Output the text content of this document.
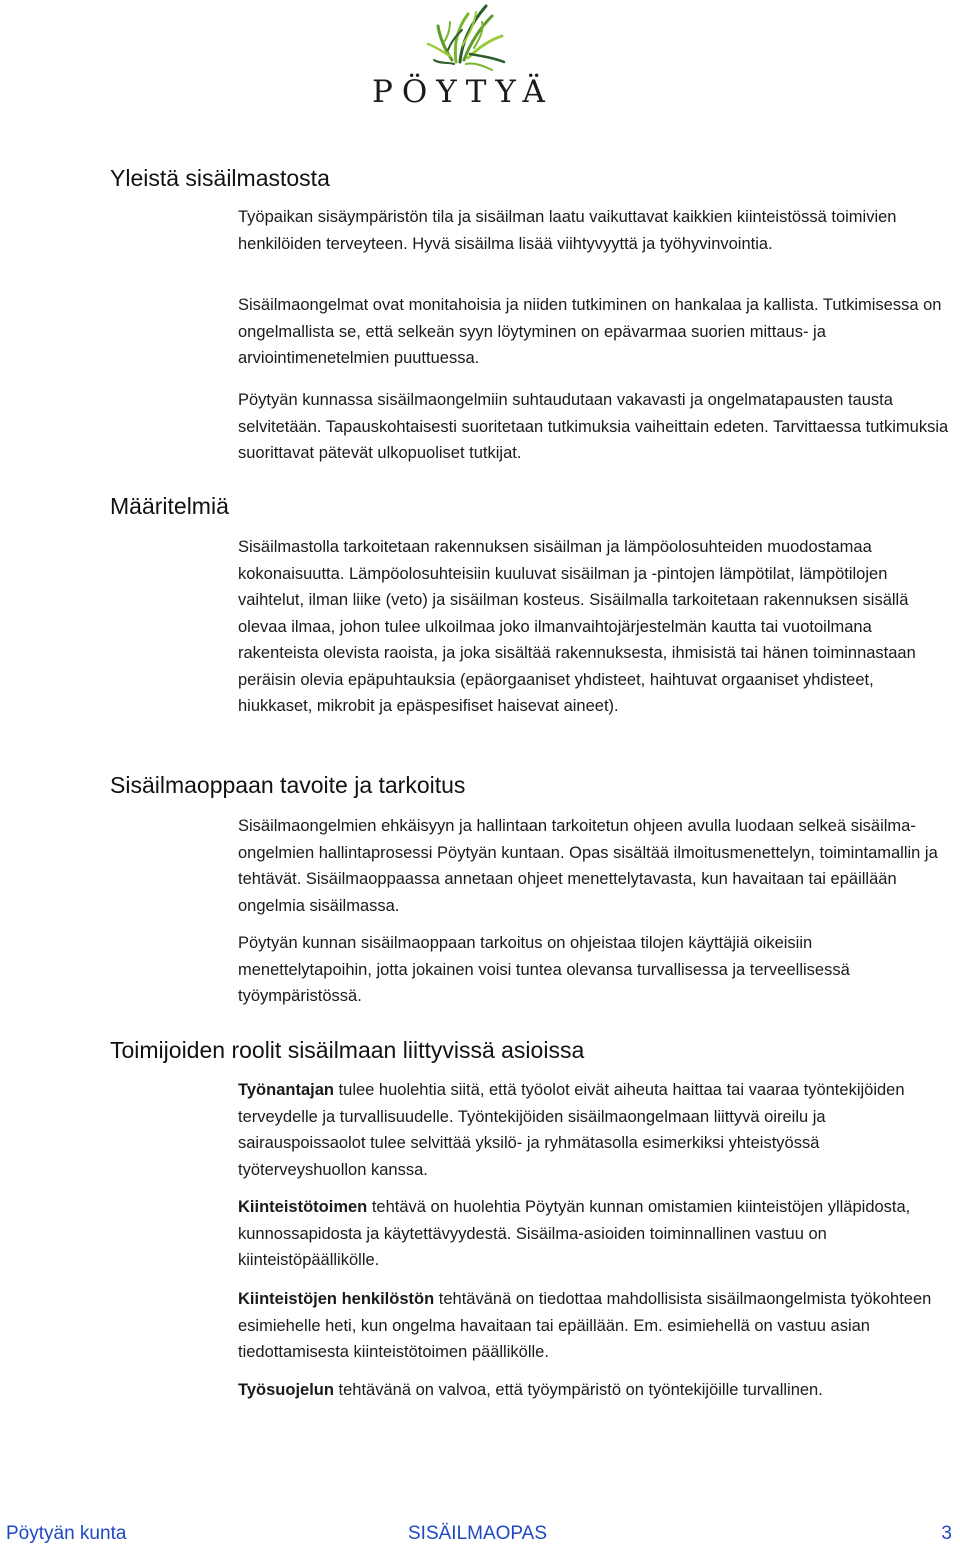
PÖYTYÄ
Yleistä sisäilmastosta

Työpaikan sisäympäristön tila ja sisäilman laatu vaikuttavat kaikkien kiinteistössä toimivien henkilöiden terveyteen. Hyvä sisäilma lisää viihtyvyyttä ja työhyvinvointia.

Sisäilmaongelmat ovat monitahoisia ja niiden tutkiminen on hankalaa ja kallista. Tutkimisessa on ongelmallista se, että selkeän syyn löytyminen on epävarmaa suorien mittaus- ja arviointimenetelmien puuttuessa.

Pöytyän kunnassa sisäilmaongelmiin suhtaudutaan vakavasti ja ongelmatapausten tausta selvitetään. Tapauskohtaisesti suoritetaan tutkimuksia vaiheittain edeten. Tarvittaessa tutkimuksia suorittavat pätevät ulkopuoliset tutkijat.

Määritelmiä

Sisäilmastolla tarkoitetaan rakennuksen sisäilman ja lämpöolosuhteiden muodostamaa kokonaisuutta. Lämpöolosuhteisiin kuuluvat sisäilman ja -pintojen lämpötilat, lämpötilojen vaihtelut, ilman liike (veto) ja sisäilman kosteus. Sisäilmalla tarkoitetaan rakennuksen sisällä olevaa ilmaa, johon tulee ulkoilmaa joko ilmanvaihtojärjestelmän kautta tai vuotoilmana rakenteista olevista raoista, ja joka sisältää rakennuksesta, ihmisistä tai hänen toiminnastaan peräisin olevia epäpuhtauksia (epäorgaaniset yhdisteet, haihtuvat orgaaniset yhdisteet, hiukkaset, mikrobit ja epäspesifiset haisevat aineet).

Sisäilmaoppaan tavoite ja tarkoitus

Sisäilmaongelmien ehkäisyyn ja hallintaan tarkoitetun ohjeen avulla luodaan selkeä sisäilma- ongelmien hallintaprosessi Pöytyän kuntaan. Opas sisältää ilmoitusmenettelyn, toimintamallin ja tehtävät. Sisäilmaoppaassa annetaan ohjeet menettelytavasta, kun havaitaan tai epäillään ongelmia sisäilmassa.

Pöytyän kunnan sisäilmaoppaan tarkoitus on ohjeistaa tilojen käyttäjiä oikeisiin menettelytapoihin, jotta jokainen voisi tuntea olevansa turvallisessa ja terveellisessä työympäristössä.

Toimijoiden roolit sisäilmaan liittyvissä asioissa

Työnantajan tulee huolehtia siitä, että työolot eivät aiheuta haittaa tai vaaraa työntekijöiden terveydelle ja turvallisuudelle. Työntekijöiden sisäilmaongelmaan liittyvä oireilu ja sairauspoissaolot tulee selvittää yksilö- ja ryhmätasolla esimerkiksi yhteistyössä työterveyshuollon kanssa.

Kiinteistötoimen tehtävä on huolehtia Pöytyän kunnan omistamien kiinteistöjen ylläpidosta, kunnossapidosta ja käytettävyydestä. Sisäilma-asioiden toiminnallinen vastuu on kiinteistöpäällikölle.

Kiinteistöjen henkilöstön tehtävänä on tiedottaa mahdollisista sisäilmaongelmista työkohteen esimiehelle heti, kun ongelma havaitaan tai epäillään. Em. esimiehellä on vastuu asian tiedottamisesta kiinteistötoimen päällikölle.

Työsuojelun tehtävänä on valvoa, että työympäristö on työntekijöille turvallinen.

Pöytyän kunta	SISÄILMAOPAS	3
